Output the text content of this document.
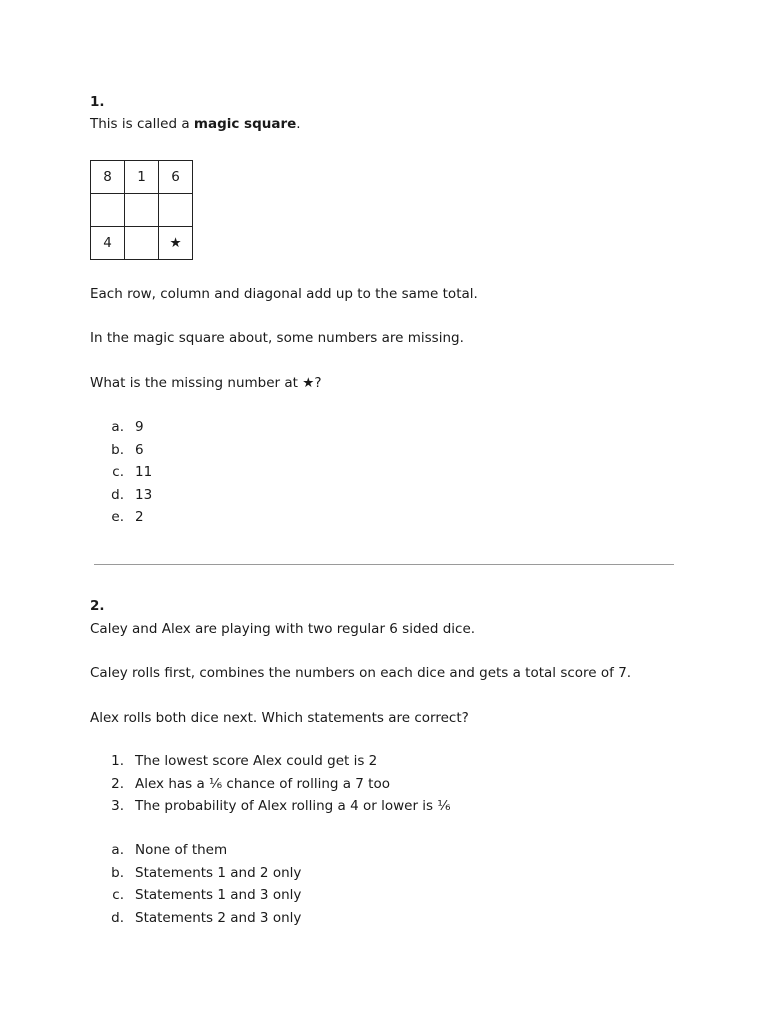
1.
This is called a magic square.
8	1	6

4		★
Each row, column and diagonal add up to the same total.
In the magic square about, some numbers are missing.
What is the missing number at ★?
a. 9
b. 6
c. 11
d. 13
e. 2
2.
Caley and Alex are playing with two regular 6 sided dice.
Caley rolls first, combines the numbers on each dice and gets a total score of 7.
Alex rolls both dice next. Which statements are correct?
1. The lowest score Alex could get is 2
2. Alex has a ⅙ chance of rolling a 7 too
3. The probability of Alex rolling a 4 or lower is ⅙
a. None of them
b. Statements 1 and 2 only
c. Statements 1 and 3 only
d. Statements 2 and 3 only
